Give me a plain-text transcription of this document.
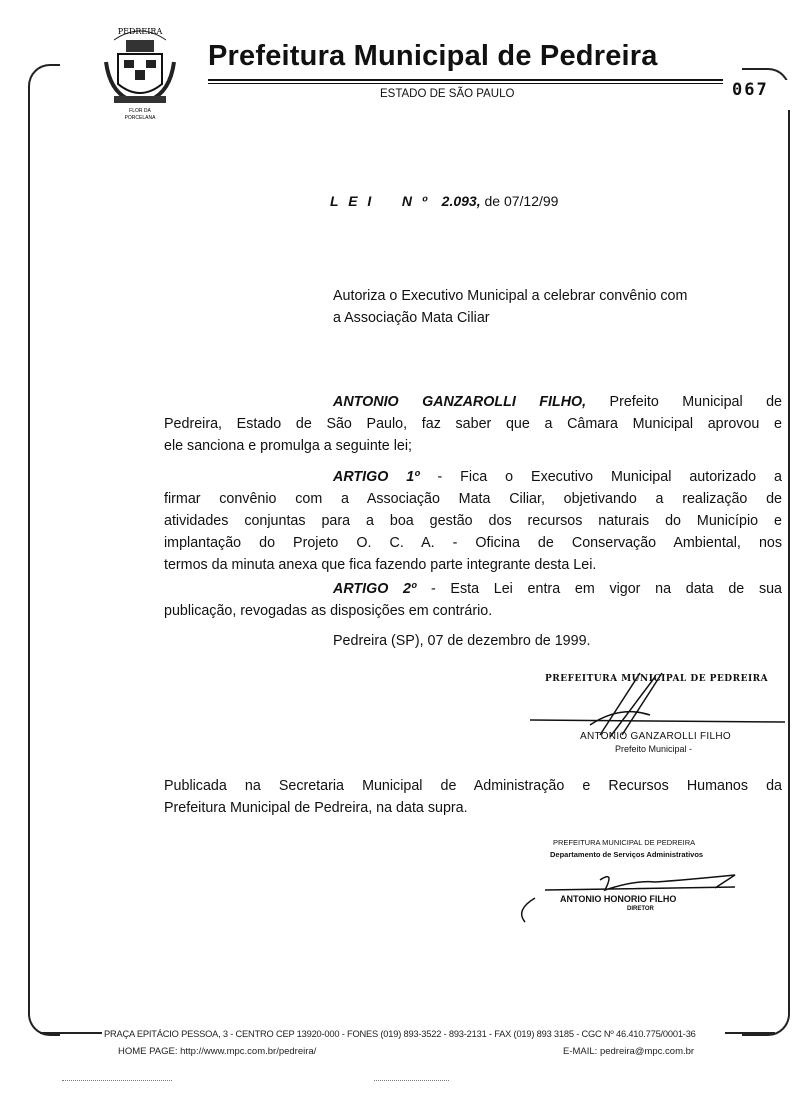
PEDREIRA
FLOR DA
PORCELANA
Prefeitura Municipal de Pedreira
ESTADO DE SÃO PAULO	067
L E I    N º 2.093, de 07/12/99
Autoriza o Executivo Municipal a celebrar convênio com
a Associação Mata Ciliar
ANTONIO GANZAROLLI FILHO, Prefeito Municipal de
Pedreira, Estado de São Paulo, faz saber que a Câmara Municipal aprovou e
ele sanciona e promulga a seguinte lei;
ARTIGO 1º - Fica o Executivo Municipal autorizado a
firmar convênio com a Associação Mata Ciliar, objetivando a realização de
atividades conjuntas para a boa gestão dos recursos naturais do Município e
implantação do Projeto O. C. A. - Oficina de Conservação Ambiental, nos
termos da minuta anexa que fica fazendo parte integrante desta Lei.
ARTIGO 2º - Esta Lei entra em vigor na data de sua
publicação, revogadas as disposições em contrário.
Pedreira (SP), 07 de dezembro de 1999.
PREFEITURA MUNICIPAL DE PEDREIRA
ANTONIO GANZAROLLI FILHO
Prefeito Municipal -
Publicada na Secretaria Municipal de Administração e Recursos Humanos da
Prefeitura Municipal de Pedreira, na data supra.
PREFEITURA MUNICIPAL DE PEDREIRA
Departamento de Serviços Administrativos
ANTONIO HONORIO FILHO
DIRETOR
PRAÇA EPITÁCIO PESSOA, 3 - CENTRO CEP 13920-000 - FONES (019) 893-3522 - 893-2131 - FAX (019) 893 3185 - CGC Nº 46.410.775/0001-36
HOME PAGE: http://www.mpc.com.br/pedreira/	E-MAIL: pedreira@mpc.com.br
